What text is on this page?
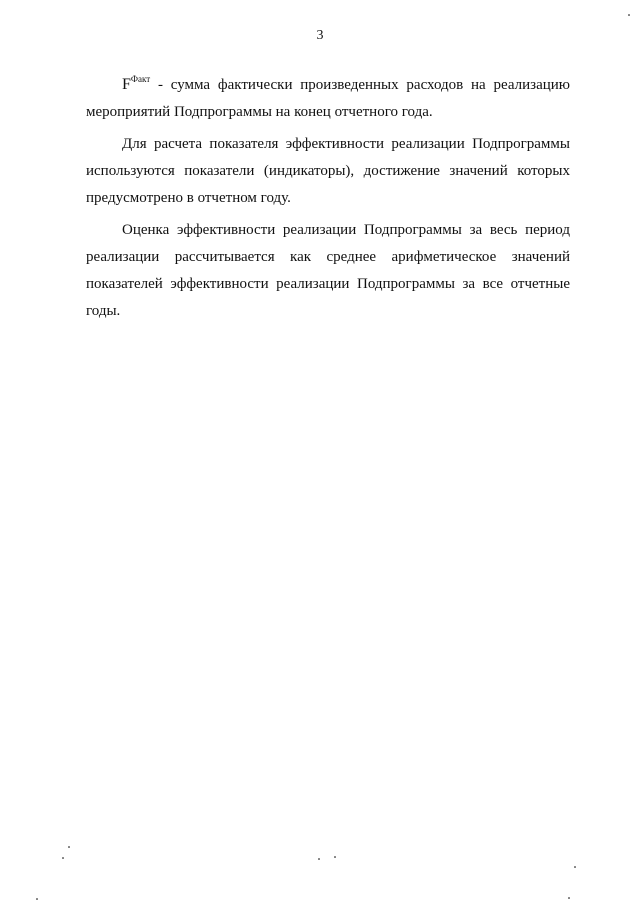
3

$F^{Факт}$ - сумма фактически произведенных расходов на реализацию мероприятий Подпрограммы на конец отчетного года.

Для расчета показателя эффективности реализации Подпрограммы используются показатели (индикаторы), достижение значений которых предусмотрено в отчетном году.

Оценка эффективности реализации Подпрограммы за весь период реализации рассчитывается как среднее арифметическое значений показателей эффективности реализации Подпрограммы за все отчетные годы.
